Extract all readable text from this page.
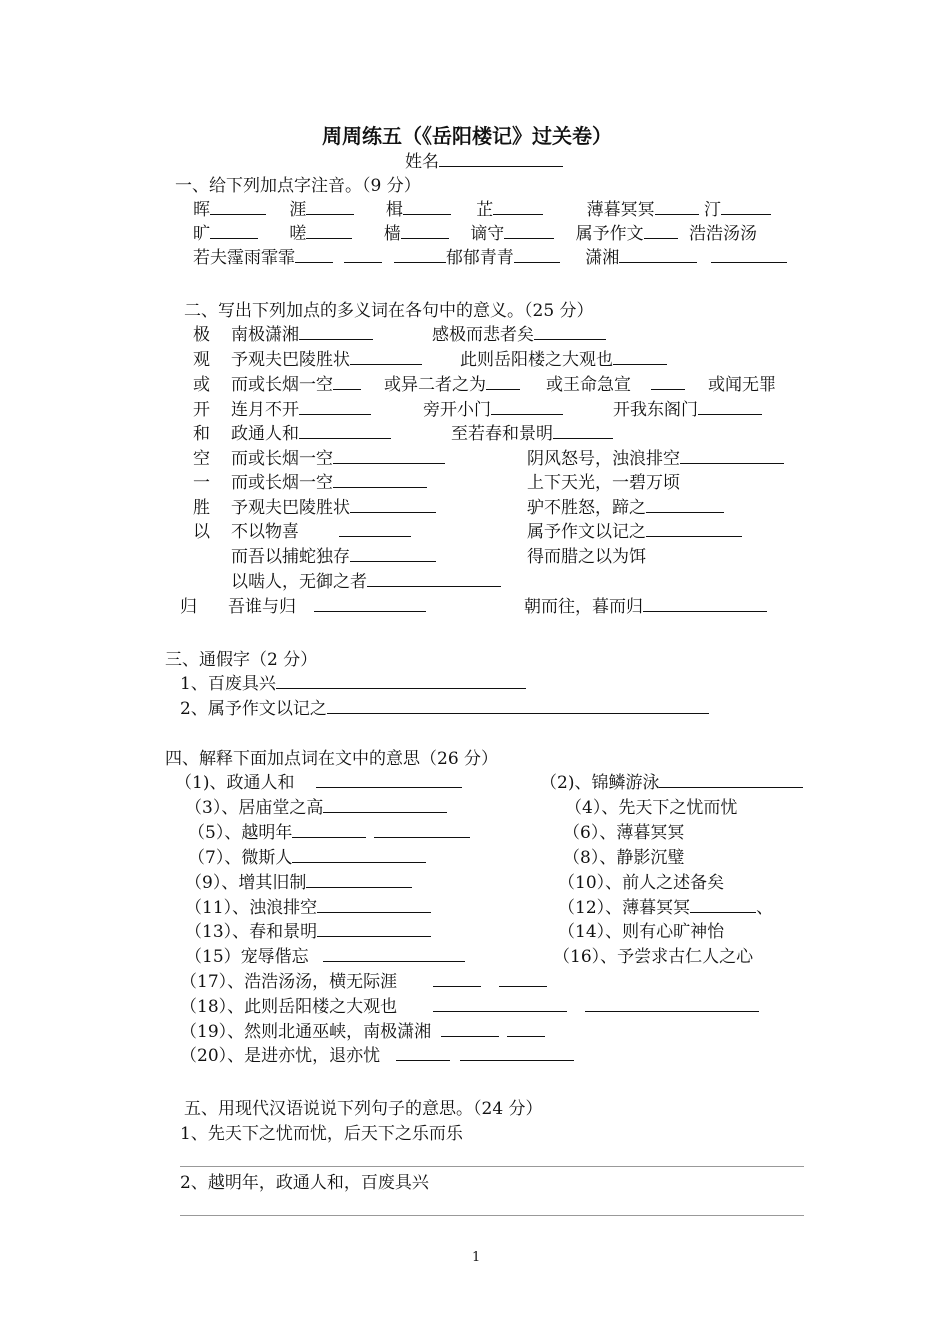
周周练五（《岳阳楼记》过关卷）
姓名
一、给下列加点字注音。（9 分）
晖	涯	楫	芷	薄暮冥冥	汀
旷	嗟	樯	谪守	属予作文	浩浩汤汤
若夫霪雨霏霏	郁郁青青	潇湘
二、写出下列加点的多义词在各句中的意义。（25 分）
极 南极潇湘	感极而悲者矣
观 予观夫巴陵胜状	此则岳阳楼之大观也
或 而或长烟一空	或异二者之为	或王命急宣	或闻无罪
开 连月不开	旁开小门	开我东阁门
和 政通人和	至若春和景明
空 而或长烟一空	阴风怒号，浊浪排空
一 而或长烟一空	上下天光，一碧万顷
胜 予观夫巴陵胜状	驴不胜怒，蹄之
以 不以物喜	属予作文以记之
而吾以捕蛇独存	得而腊之以为饵
以啮人，无御之者
归 吾谁与归	朝而往，暮而归
三、通假字（2 分）
1、百废具兴
2、属予作文以记之
四、解释下面加点词在文中的意思（26 分）
（1)、政通人和	（2)、锦鳞游泳
（3）、居庙堂之高	（4）、先天下之忧而忧
（5）、越明年	（6）、薄暮冥冥
（7）、微斯人	（8）、静影沉璧
（9）、增其旧制	（10）、前人之述备矣
（11）、浊浪排空	（12）、薄暮冥冥	、
（13）、春和景明	（14）、则有心旷神怡
（15）宠辱偕忘	（16）、予尝求古仁人之心
（17）、浩浩汤汤，横无际涯
（18）、此则岳阳楼之大观也
（19）、然则北通巫峡，南极潇湘
（20）、是进亦忧，退亦忧
五、用现代汉语说说下列句子的意思。（24 分）
1、先天下之忧而忧，后天下之乐而乐
2、越明年，政通人和，百废具兴
1
